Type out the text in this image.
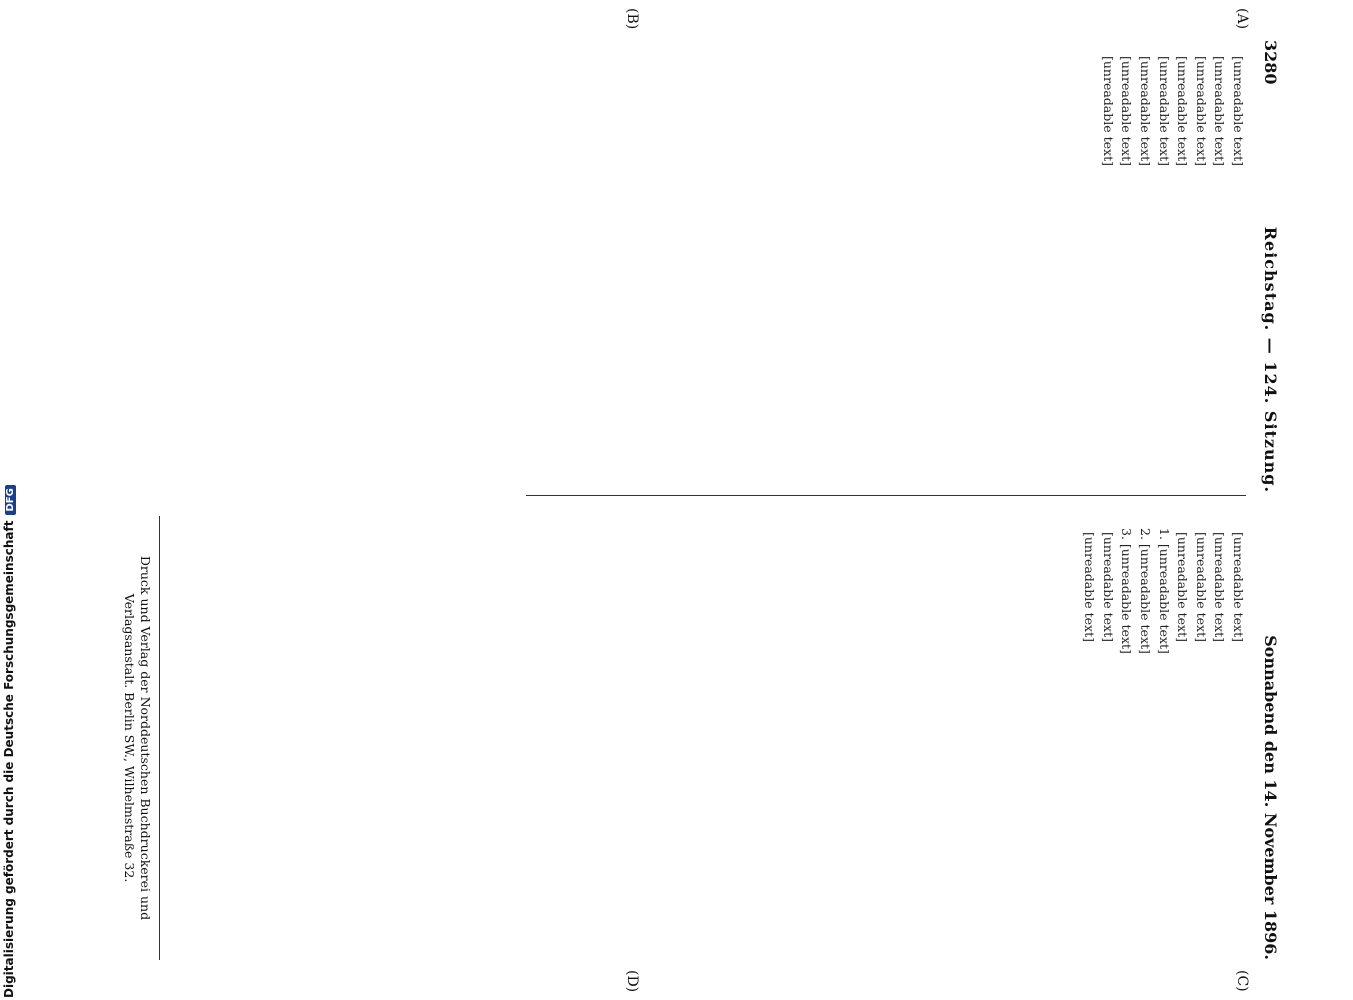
3280
Reichstag. — 124. Sitzung.
Sonnabend den 14. November 1896.
(A)
(B)
(C)
(D)

[unreadable text]

[unreadable text]

[unreadable text]

[unreadable text]

[unreadable text]

[unreadable text]

[unreadable text]

[unreadable text]

[unreadable text]

[unreadable text]

[unreadable text]

[unreadable text]

1. [unreadable text]

2. [unreadable text]

3. [unreadable text]

[unreadable text]

[unreadable text]

Druck und Verlag der Norddeutschen Buchdruckerei und Verlagsanstalt. Berlin SW., Wilhelmstraße 32.
Digitalisierung gefördert durch die Deutsche ForschungsgemeinschaftDFG
